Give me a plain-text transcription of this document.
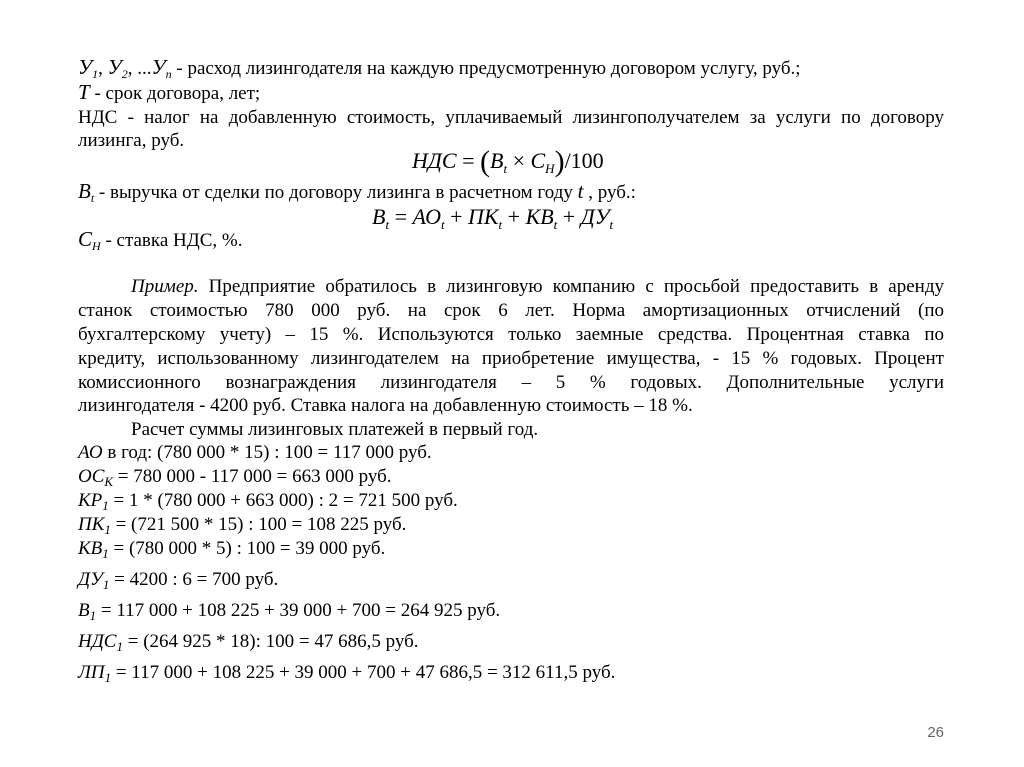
$У_1$, $У_2$, $...У_n$ - расход лизингодателя на каждую предусмотренную договором услугу, руб.;
T - срок договора, лет;
НДС - налог на добавленную стоимость, уплачиваемый лизингополучателем за услуги по договору
лизинга, руб.
НДС = $(B_t \times C_Н)/100$
$B_t$ - выручка от сделки по договору лизинга в расчетном году t , руб.:
$B_t = АО_t + ПК_t + КВ_t + ДУ_t$
$C_Н$ - ставка НДС, %.
Пример. Предприятие обратилось в лизинговую компанию с просьбой предоставить в аренду
станок стоимостью 780 000 руб. на срок 6 лет. Норма амортизационных отчислений (по
бухгалтерскому учету) – 15 %. Используются только заемные средства. Процентная ставка по
кредиту, использованному лизингодателем на приобретение имущества, - 15 % годовых. Процент
комиссионного вознаграждения лизингодателя – 5 % годовых. Дополнительные услуги
лизингодателя - 4200 руб. Ставка налога на добавленную стоимость – 18 %.
Расчет суммы лизинговых платежей в первый год.
АО в год: (780 000 * 15) : 100 = 117 000 руб.
$ОС_К = 780$ 000 - 117 000 = 663 000 руб.
$КР_1 = 1 * (780$ 000 + 663 000) : 2 = 721 500 руб.
$ПК_1 = (721$ 500 * 15) : 100 = 108 225 руб.
$КВ_1 = (780$ 000 * 5) : 100 = 39 000 руб.
$ДУ_1 = 4200$ : 6 = 700 руб.
$В_1 = 117$ 000 + 108 225 + 39 000 + 700 = 264 925 руб.
$НДС_1 = (264$ 925 * 18): 100 = 47 686,5 руб.
$ЛП_1 = 117$ 000 + 108 225 + 39 000 + 700 + 47 686,5 = 312 611,5 руб.
26
